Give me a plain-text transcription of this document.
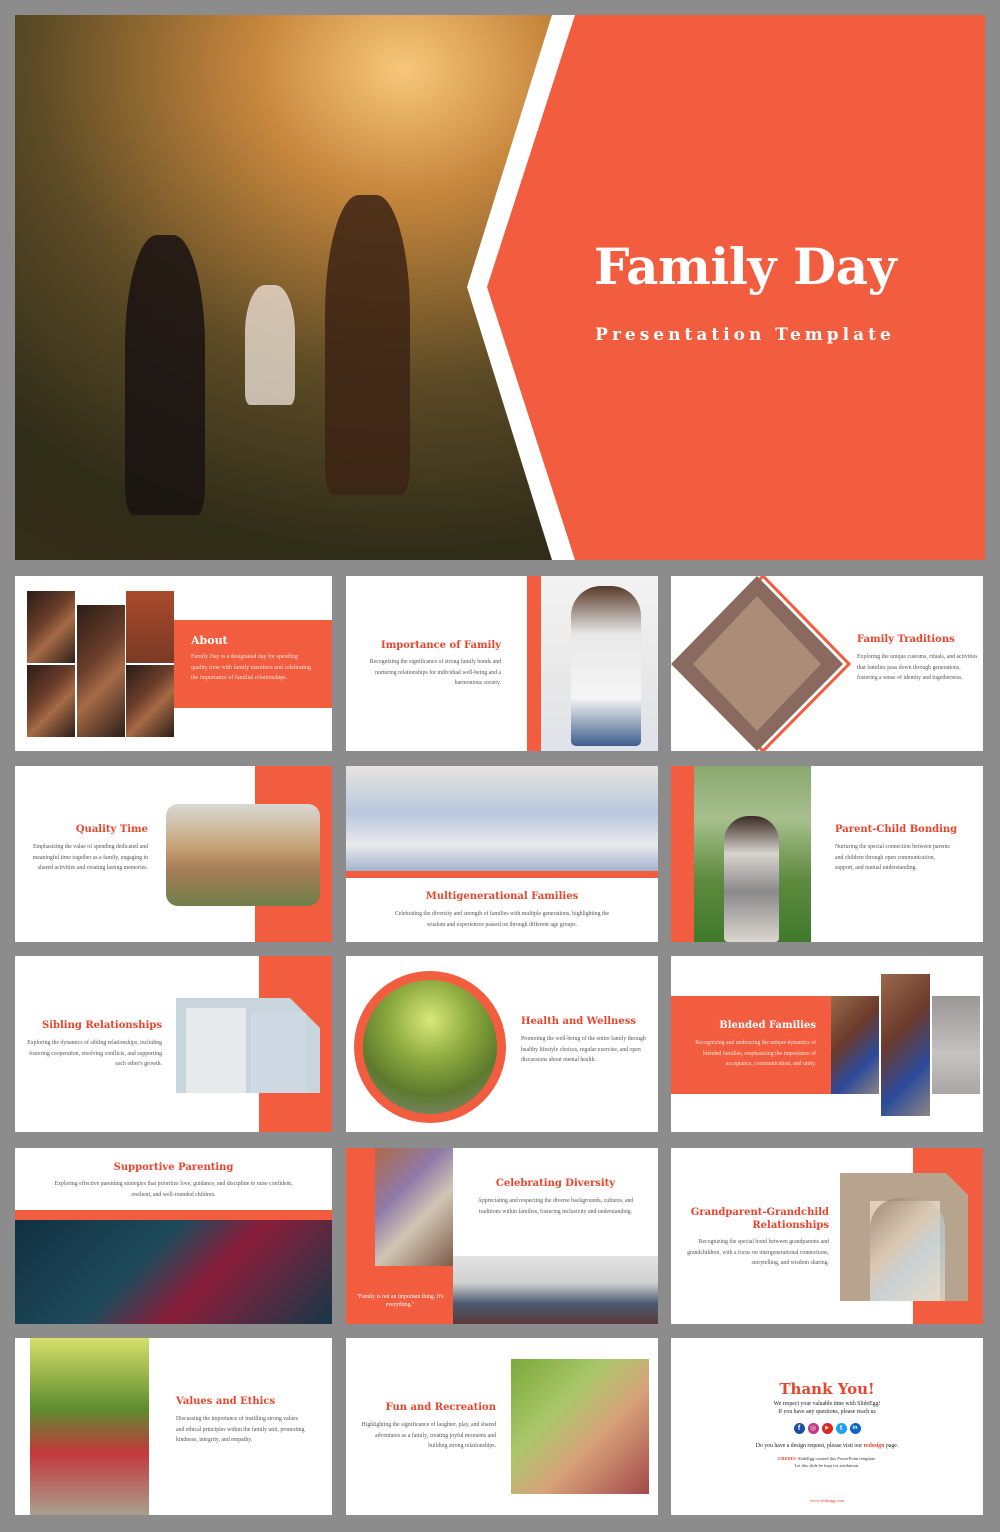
Family Day
Presentation Template
About
Family Day is a designated day for spending quality time with family members and celebrating the importance of familial relationships.
Importance of Family
Recognizing the significance of strong family bonds and nurturing relationships for individual well-being and a harmonious society.
Family Traditions
Exploring the unique customs, rituals, and activities that families pass down through generations, fostering a sense of identity and togetherness.
Quality Time
Emphasizing the value of spending dedicated and meaningful time together as a family, engaging in shared activities and creating lasting memories.
Multigenerational Families
Celebrating the diversity and strength of families with multiple generations, highlighting the wisdom and experiences passed on through different age groups.
Parent-Child Bonding
Nurturing the special connection between parents and children through open communication, support, and mutual understanding.
Sibling Relationships
Exploring the dynamics of sibling relationships, including fostering cooperation, resolving conflicts, and supporting each other's growth.
Health and Wellness
Promoting the well-being of the entire family through healthy lifestyle choices, regular exercise, and open discussions about mental health.
Blended Families
Recognizing and embracing the unique dynamics of blended families, emphasizing the importance of acceptance, communication, and unity.
Supportive Parenting
Exploring effective parenting strategies that prioritize love, guidance, and discipline to raise confident, resilient, and well-rounded children.
"Family is not an important thing. It's everything."
Celebrating Diversity
Appreciating and respecting the diverse backgrounds, cultures, and traditions within families, fostering inclusivity and understanding.	Grandparent-Grandchild Relationships
Recognizing the special bond between grandparents and grandchildren, with a focus on intergenerational connections, storytelling, and wisdom sharing.
Values and Ethics
Discussing the importance of instilling strong values and ethical principles within the family unit, promoting kindness, integrity, and empathy.
Fun and Recreation
Highlighting the significance of laughter, play, and shared adventures as a family, creating joyful moments and building strong relationships.
Thank You!
We respect your valuable time with SlideEgg!
If you have any questions, please reach us
f	◎	▶	t	in
Do you have a design request, please visit our redesign page.
CREDIT: SlideEgg created this PowerPoint template.
Let this slide be kept for attribution.
www.slideegg.com
